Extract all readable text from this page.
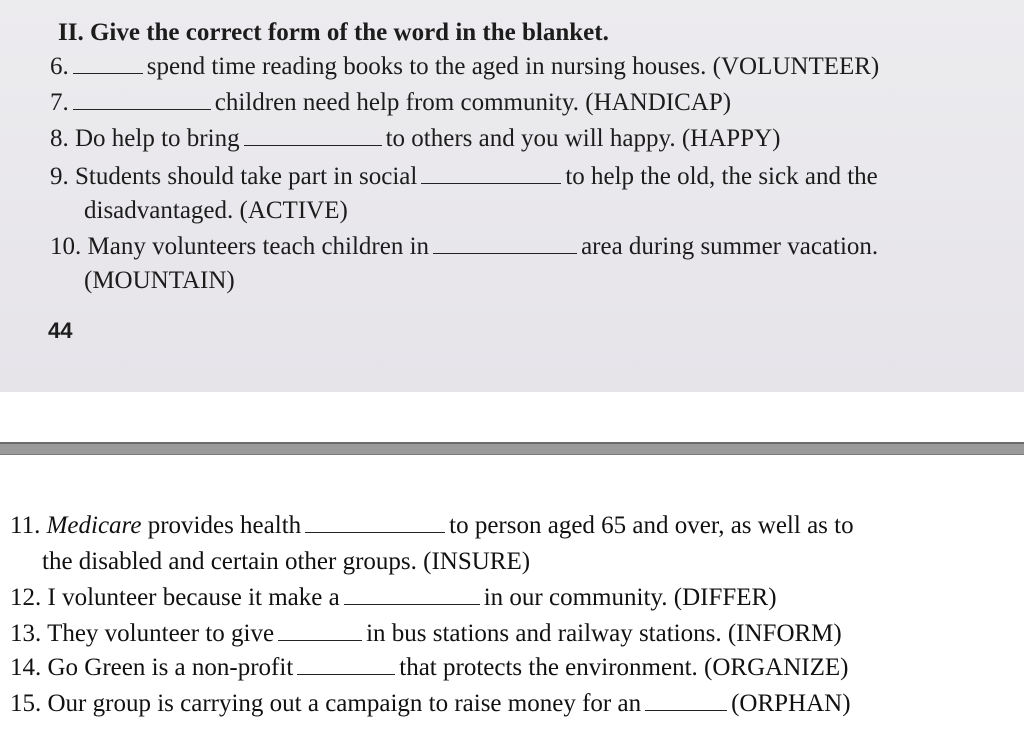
II. Give the correct form of the word in the blanket.
6.	spend time reading books to the aged in nursing houses. (VOLUNTEER)
7.	children need help from community. (HANDICAP)
8. Do help to bring	to others and you will happy. (HAPPY)
9. Students should take part in social	to help the old, the sick and the
disadvantaged. (ACTIVE)
10. Many volunteers teach children in	area during summer vacation.
(MOUNTAIN)
44
11. Medicare provides health	to person aged 65 and over, as well as to
the disabled and certain other groups. (INSURE)
12. I volunteer because it make a	in our community. (DIFFER)
13. They volunteer to give	in bus stations and railway stations. (INFORM)
14. Go Green is a non-profit	that protects the environment. (ORGANIZE)
15. Our group is carrying out a campaign to raise money for an	(ORPHAN)
